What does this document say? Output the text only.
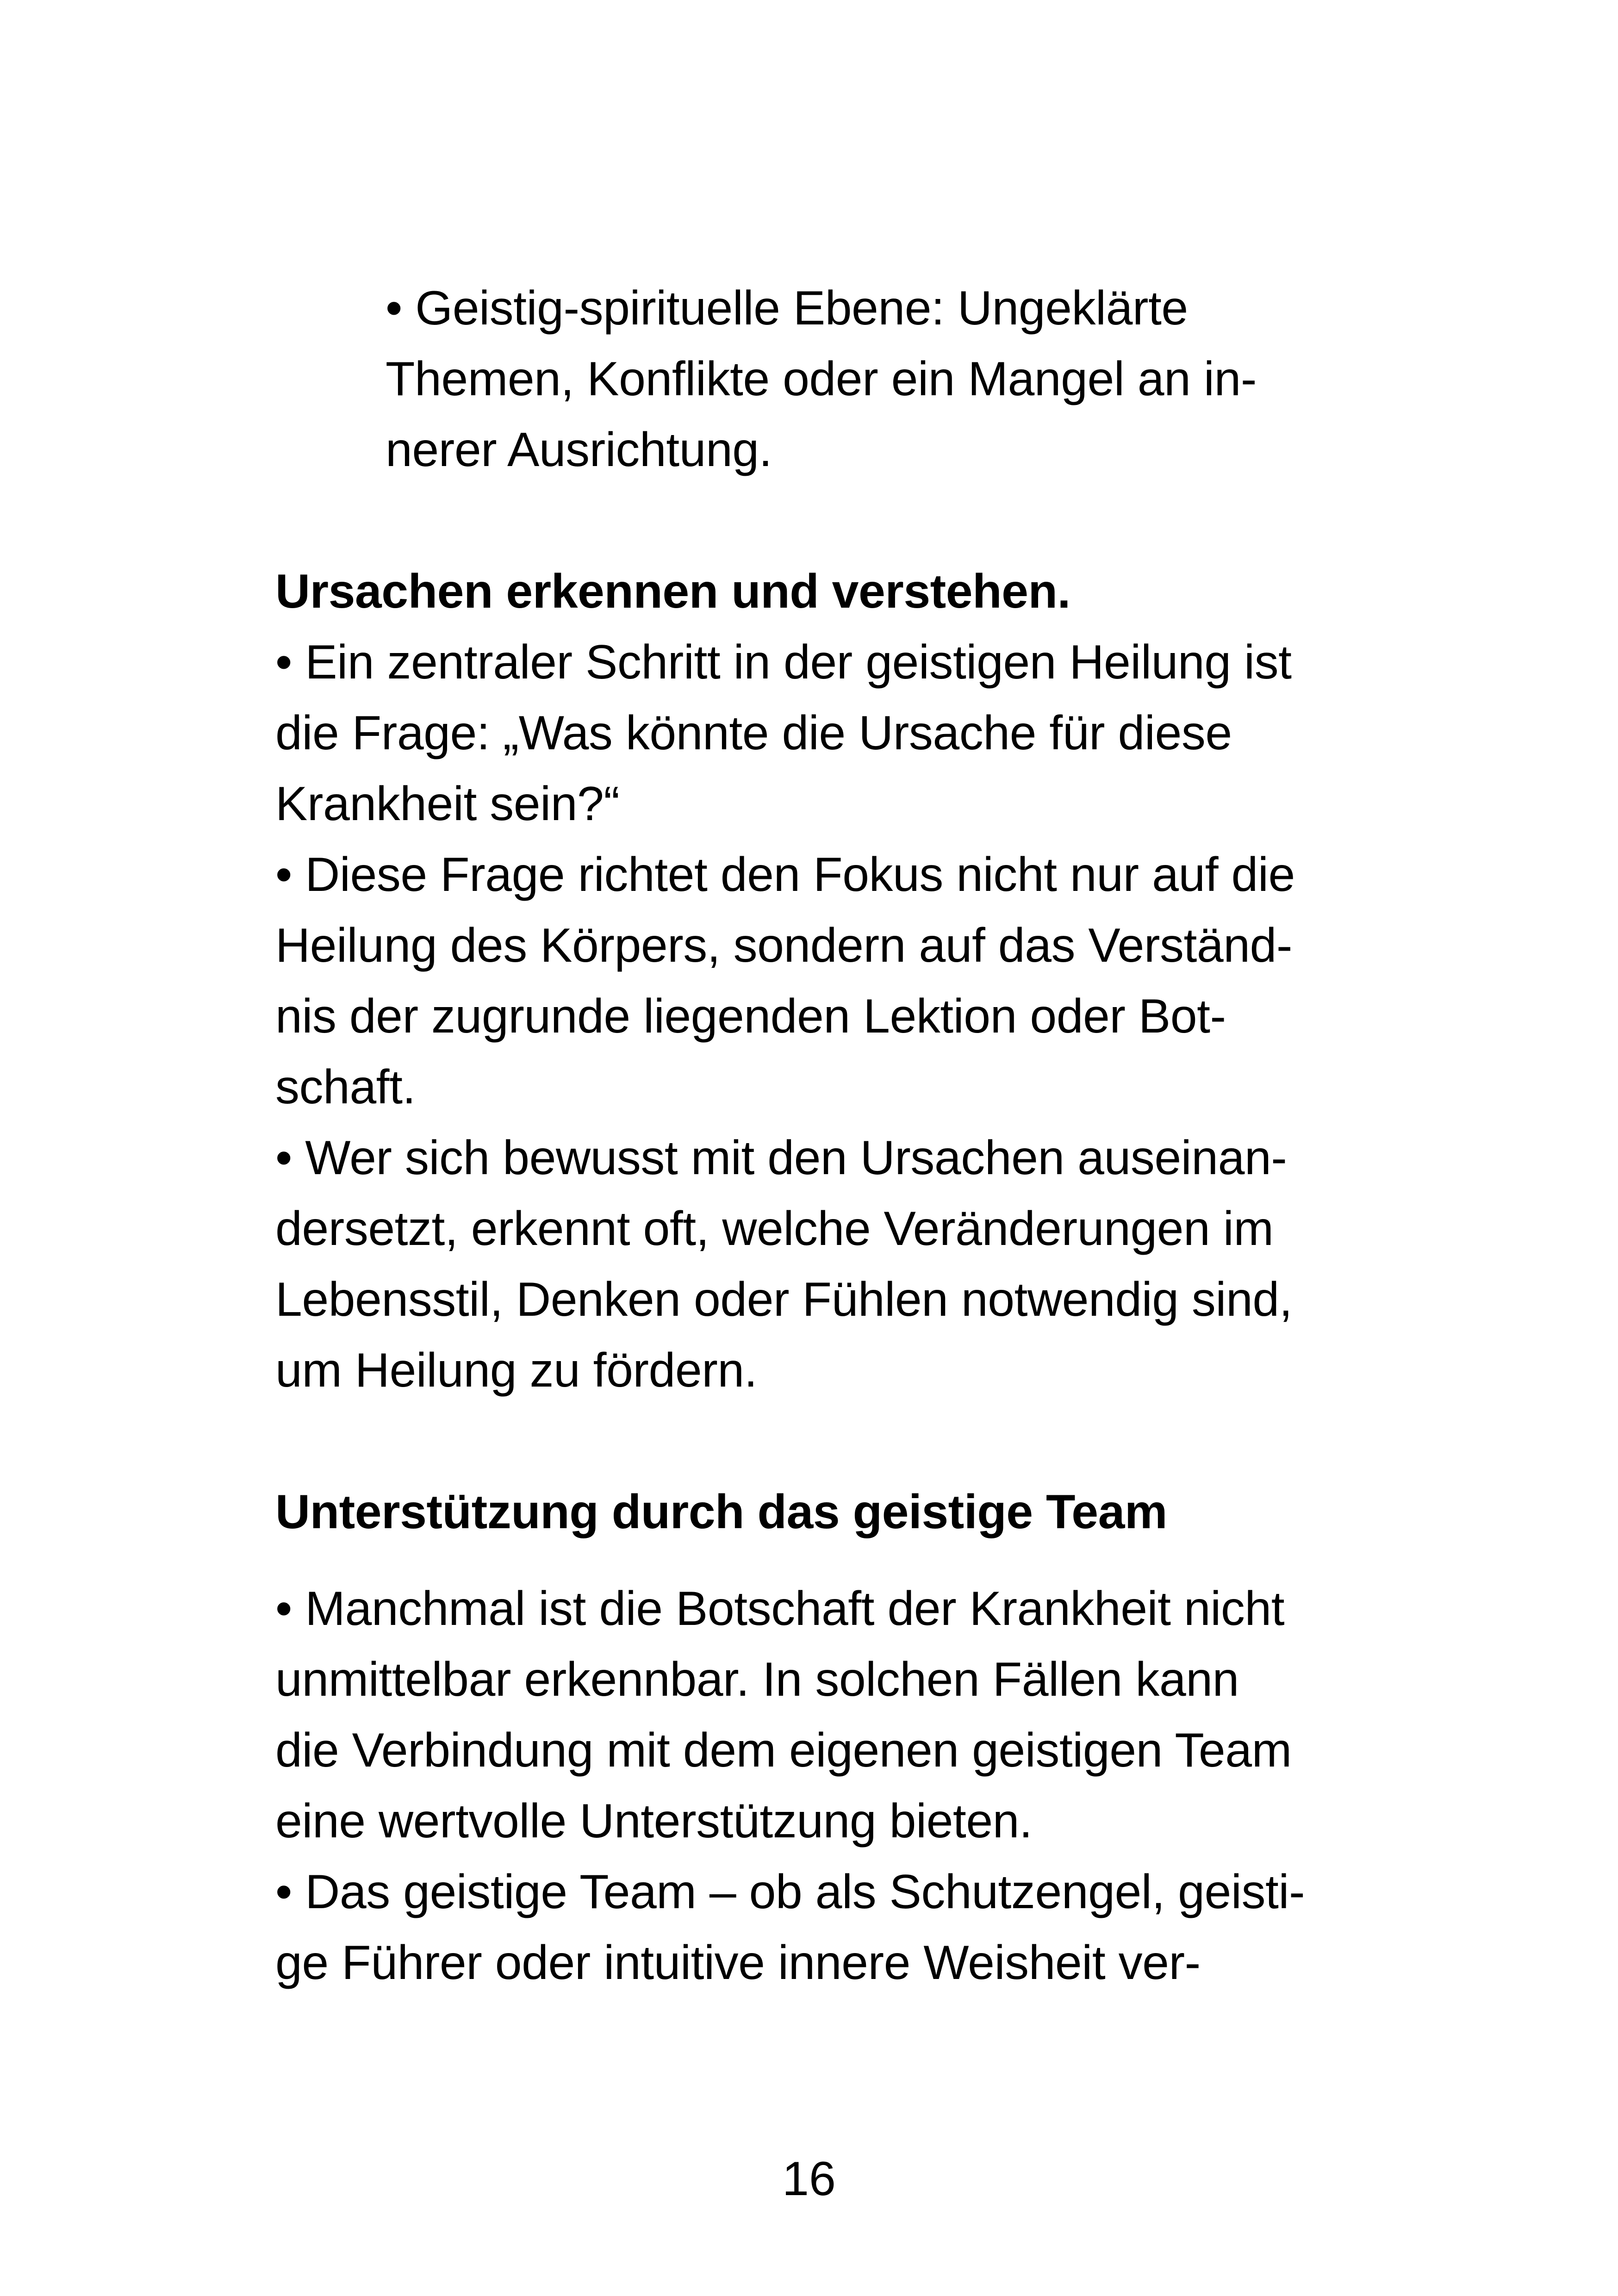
• Geistig-spirituelle Ebene: Ungeklärte
Themen, Konflikte oder ein Mangel an in-
nerer Ausrichtung.
Ursachen erkennen und verstehen.
• Ein zentraler Schritt in der geistigen Heilung ist
die Frage: „Was könnte die Ursache für diese
Krankheit sein?“
• Diese Frage richtet den Fokus nicht nur auf die
Heilung des Körpers, sondern auf das Verständ-
nis der zugrunde liegenden Lektion oder Bot-
schaft.
• Wer sich bewusst mit den Ursachen auseinan-
dersetzt, erkennt oft, welche Veränderungen im
Lebensstil, Denken oder Fühlen notwendig sind,
um Heilung zu fördern.
Unterstützung durch das geistige Team
• Manchmal ist die Botschaft der Krankheit nicht
unmittelbar erkennbar. In solchen Fällen kann
die Verbindung mit dem eigenen geistigen Team
eine wertvolle Unterstützung bieten.
• Das geistige Team – ob als Schutzengel, geisti-
ge Führer oder intuitive innere Weisheit ver-
16
